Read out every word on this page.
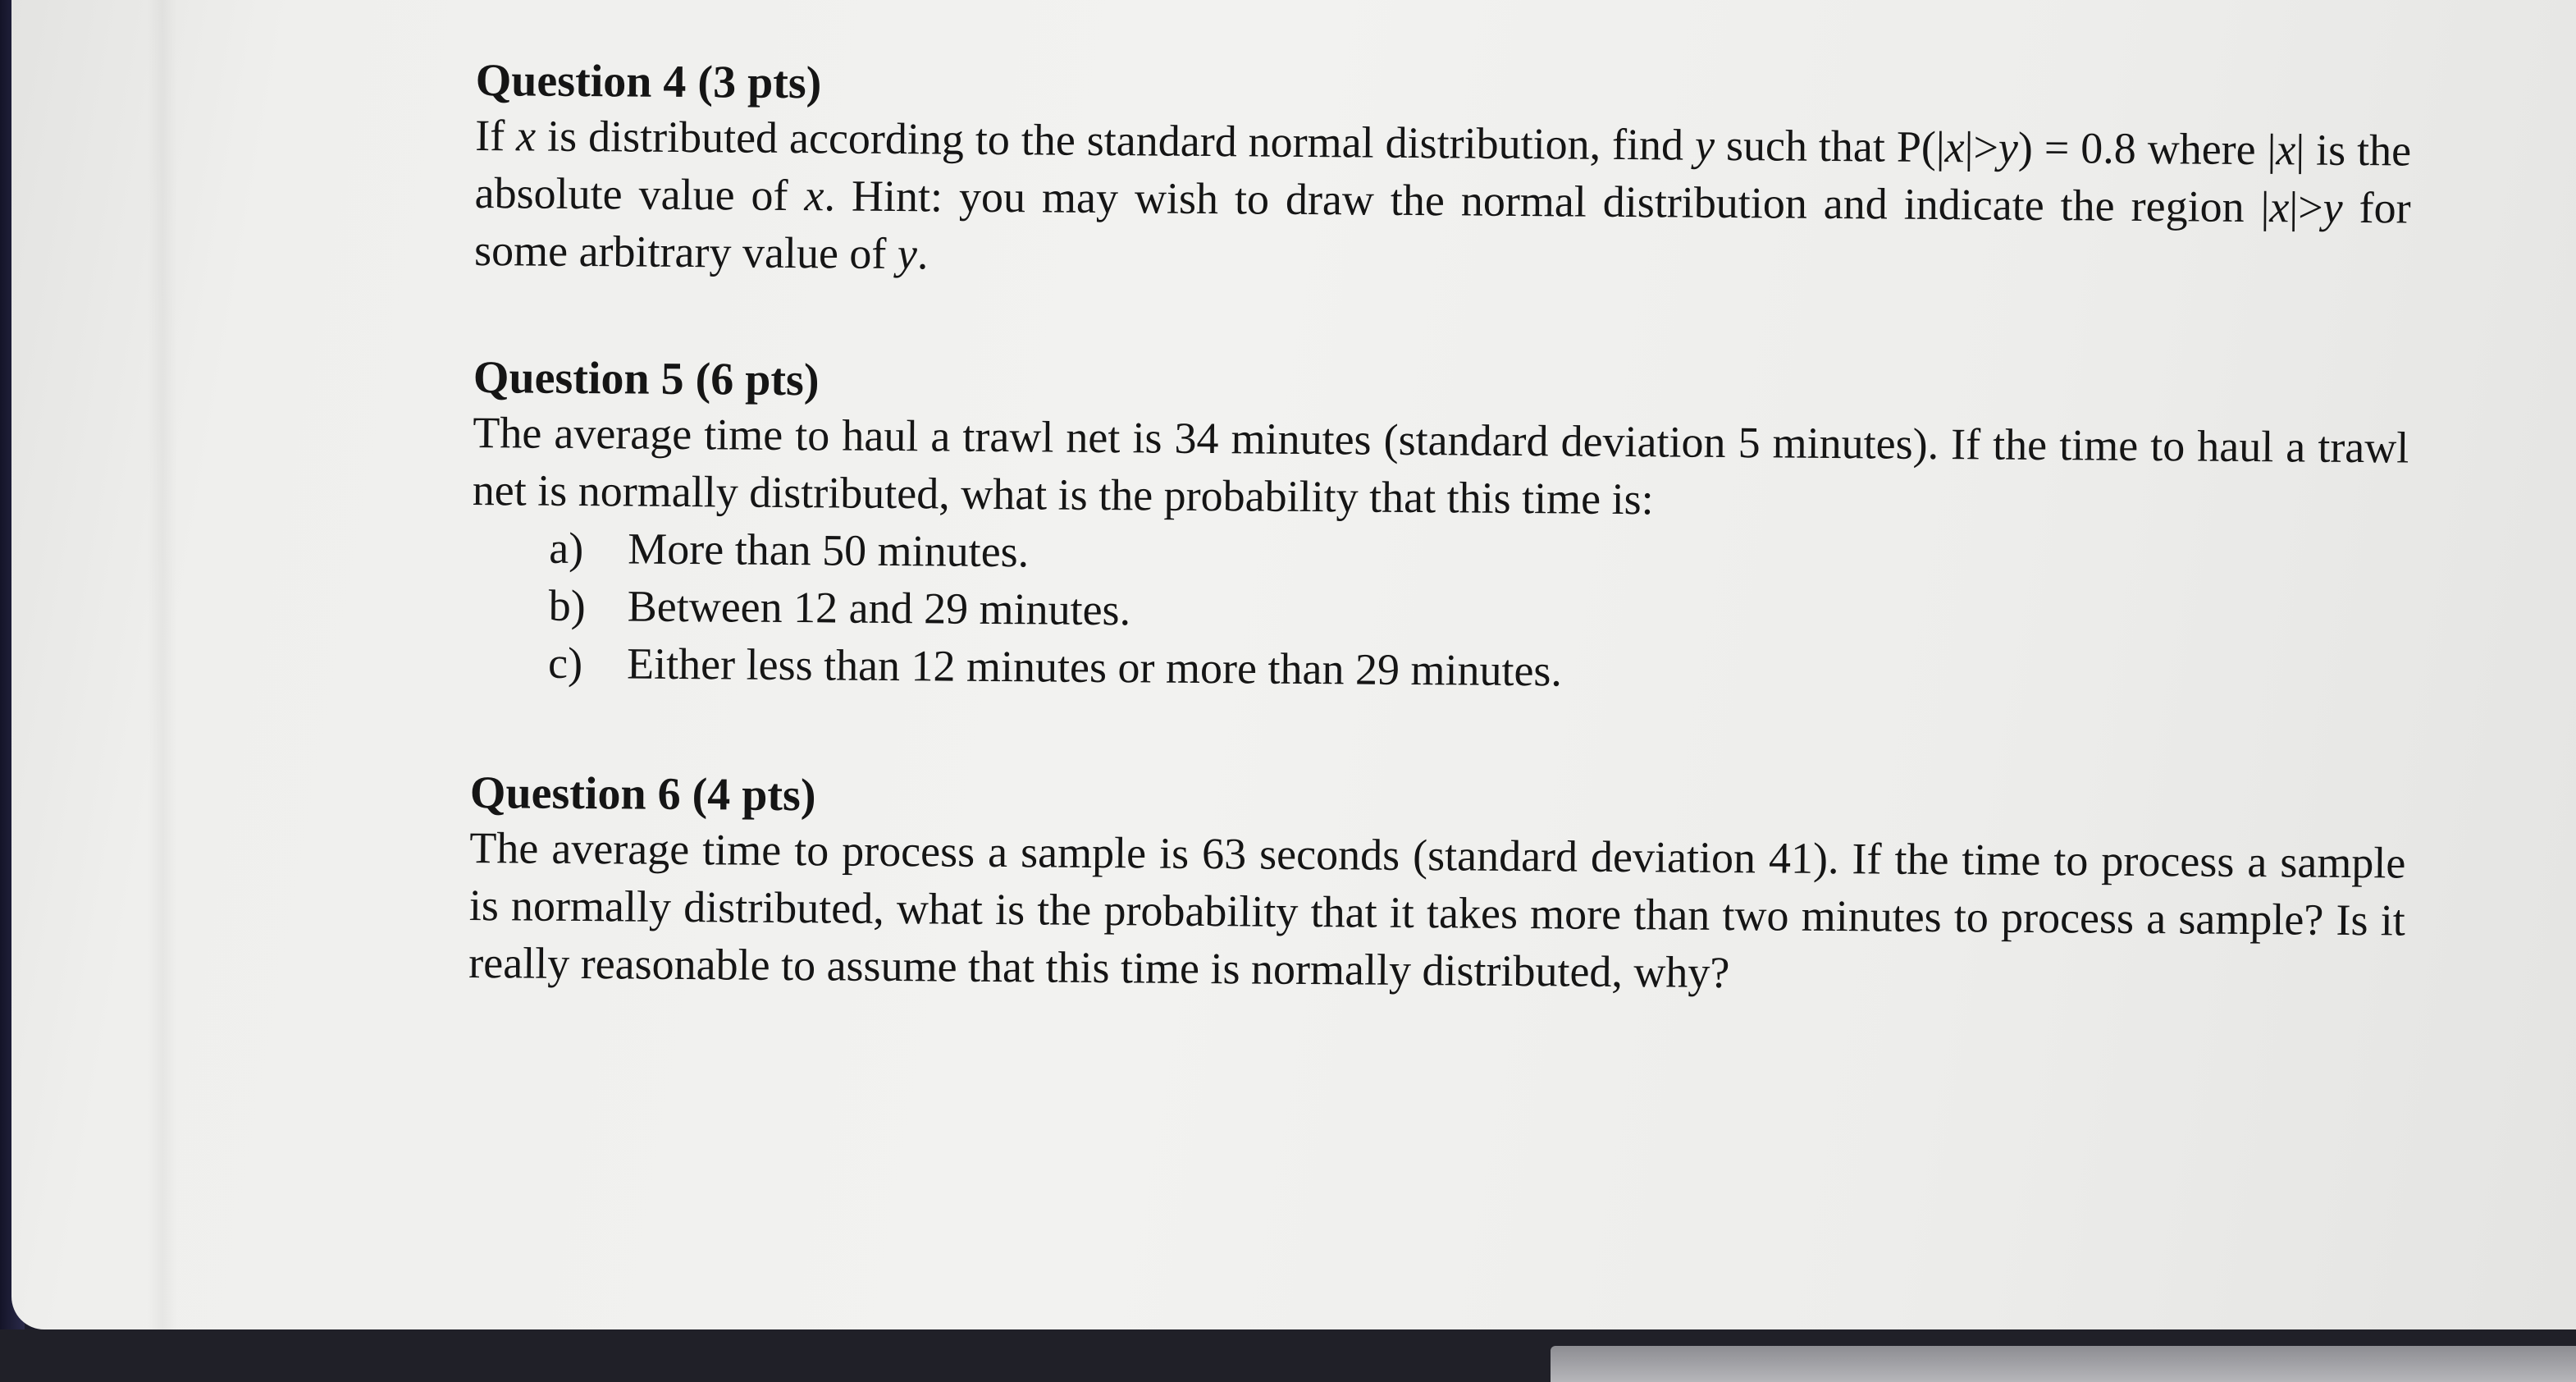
Question 4 (3 pts)

If x is distributed according to the standard normal distribution, find y such that P(|x|>y) = 0.8 where |x| is the absolute value of x. Hint: you may wish to draw the normal distribution and indicate the region |x|>y for some arbitrary value of y.

Question 5 (6 pts)

The average time to haul a trawl net is 34 minutes (standard deviation 5 minutes). If the time to haul a trawl net is normally distributed, what is the probability that this time is:

a) More than 50 minutes.
b) Between 12 and 29 minutes.
c) Either less than 12 minutes or more than 29 minutes.
Question 6 (4 pts)

The average time to process a sample is 63 seconds (standard deviation 41). If the time to process a sample is normally distributed, what is the probability that it takes more than two minutes to process a sample? Is it really reasonable to assume that this time is normally distributed, why?
